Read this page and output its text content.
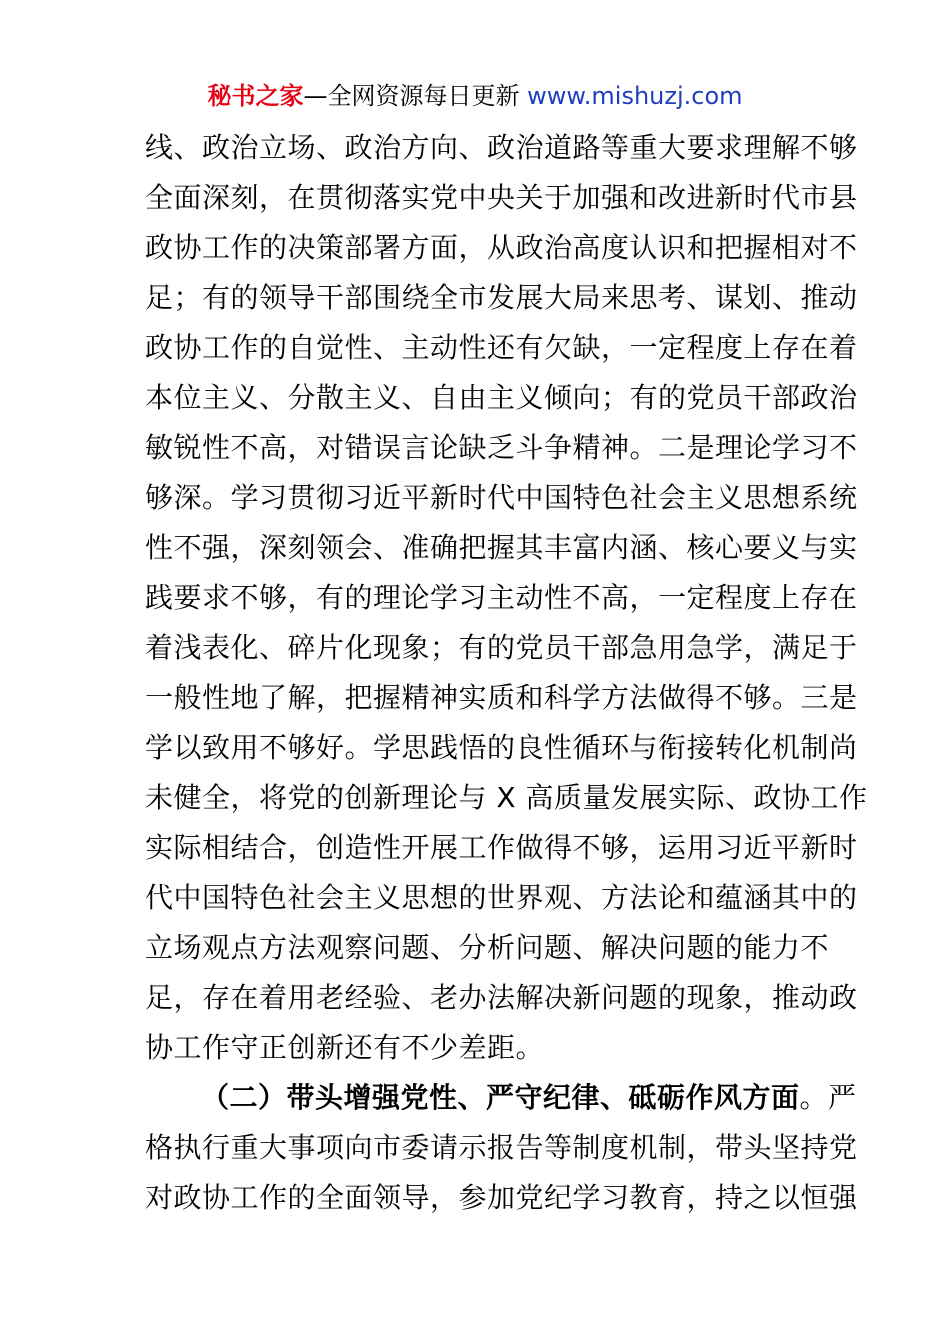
秘书之家—全网资源每日更新 www.mishuzj.com
线、政治立场、政治方向、政治道路等重大要求理解不够
全面深刻，在贯彻落实党中央关于加强和改进新时代市县
政协工作的决策部署方面，从政治高度认识和把握相对不
足；有的领导干部围绕全市发展大局来思考、谋划、推动
政协工作的自觉性、主动性还有欠缺，一定程度上存在着
本位主义、分散主义、自由主义倾向；有的党员干部政治
敏锐性不高，对错误言论缺乏斗争精神。二是理论学习不
够深。学习贯彻习近平新时代中国特色社会主义思想系统
性不强，深刻领会、准确把握其丰富内涵、核心要义与实
践要求不够，有的理论学习主动性不高，一定程度上存在
着浅表化、碎片化现象；有的党员干部急用急学，满足于
一般性地了解，把握精神实质和科学方法做得不够。三是
学以致用不够好。学思践悟的良性循环与衔接转化机制尚
未健全，将党的创新理论与 X 高质量发展实际、政协工作
实际相结合，创造性开展工作做得不够，运用习近平新时
代中国特色社会主义思想的世界观、方法论和蕴涵其中的
立场观点方法观察问题、分析问题、解决问题的能力不
足，存在着用老经验、老办法解决新问题的现象，推动政
协工作守正创新还有不少差距。
（二）带头增强党性、严守纪律、砥砺作风方面。严
格执行重大事项向市委请示报告等制度机制，带头坚持党
对政协工作的全面领导，参加党纪学习教育，持之以恒强
